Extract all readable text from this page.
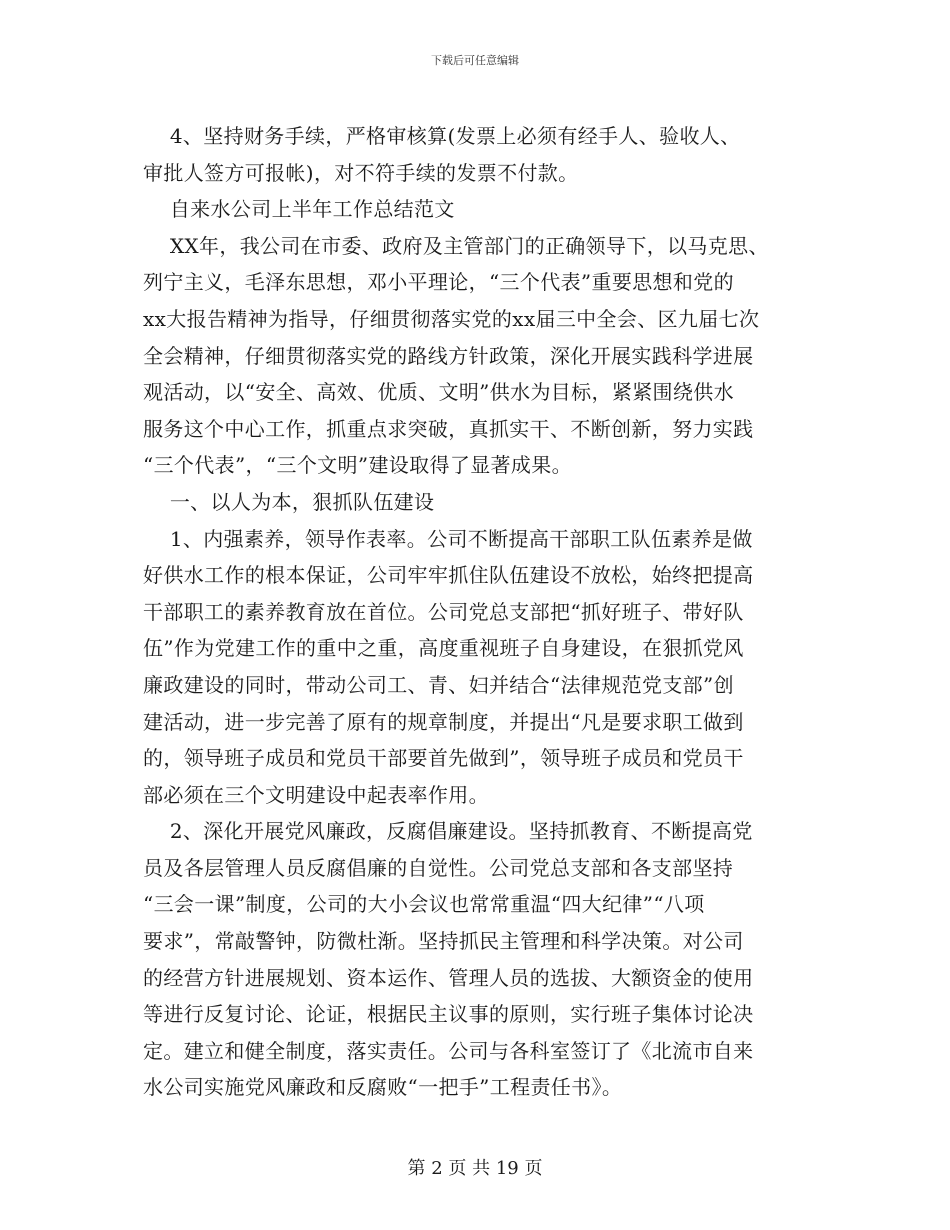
下载后可任意编辑
4、坚持财务手续，严格审核算(发票上必须有经手人、验收人、
审批人签方可报帐)，对不符手续的发票不付款。
自来水公司上半年工作总结范文
XX年，我公司在市委、政府及主管部门的正确领导下，以马克思、
列宁主义，毛泽东思想，邓小平理论，“三个代表”重要思想和党的
xx大报告精神为指导，仔细贯彻落实党的xx届三中全会、区九届七次
全会精神，仔细贯彻落实党的路线方针政策，深化开展实践科学进展
观活动，以“安全、高效、优质、文明”供水为目标，紧紧围绕供水
服务这个中心工作，抓重点求突破，真抓实干、不断创新，努力实践
“三个代表”，“三个文明”建设取得了显著成果。
一、以人为本，狠抓队伍建设
1、内强素养，领导作表率。公司不断提高干部职工队伍素养是做
好供水工作的根本保证，公司牢牢抓住队伍建设不放松，始终把提高
干部职工的素养教育放在首位。公司党总支部把“抓好班子、带好队
伍”作为党建工作的重中之重，高度重视班子自身建设，在狠抓党风
廉政建设的同时，带动公司工、青、妇并结合“法律规范党支部”创
建活动，进一步完善了原有的规章制度，并提出“凡是要求职工做到
的，领导班子成员和党员干部要首先做到”，领导班子成员和党员干
部必须在三个文明建设中起表率作用。
2、深化开展党风廉政，反腐倡廉建设。坚持抓教育、不断提高党
员及各层管理人员反腐倡廉的自觉性。公司党总支部和各支部坚持
“三会一课”制度，公司的大小会议也常常重温“四大纪律”“八项
要求”，常敲警钟，防微杜渐。坚持抓民主管理和科学决策。对公司
的经营方针进展规划、资本运作、管理人员的选拔、大额资金的使用
等进行反复讨论、论证，根据民主议事的原则，实行班子集体讨论决
定。建立和健全制度，落实责任。公司与各科室签订了《北流市自来
水公司实施党风廉政和反腐败“一把手”工程责任书》。
第 2 页 共 19 页
